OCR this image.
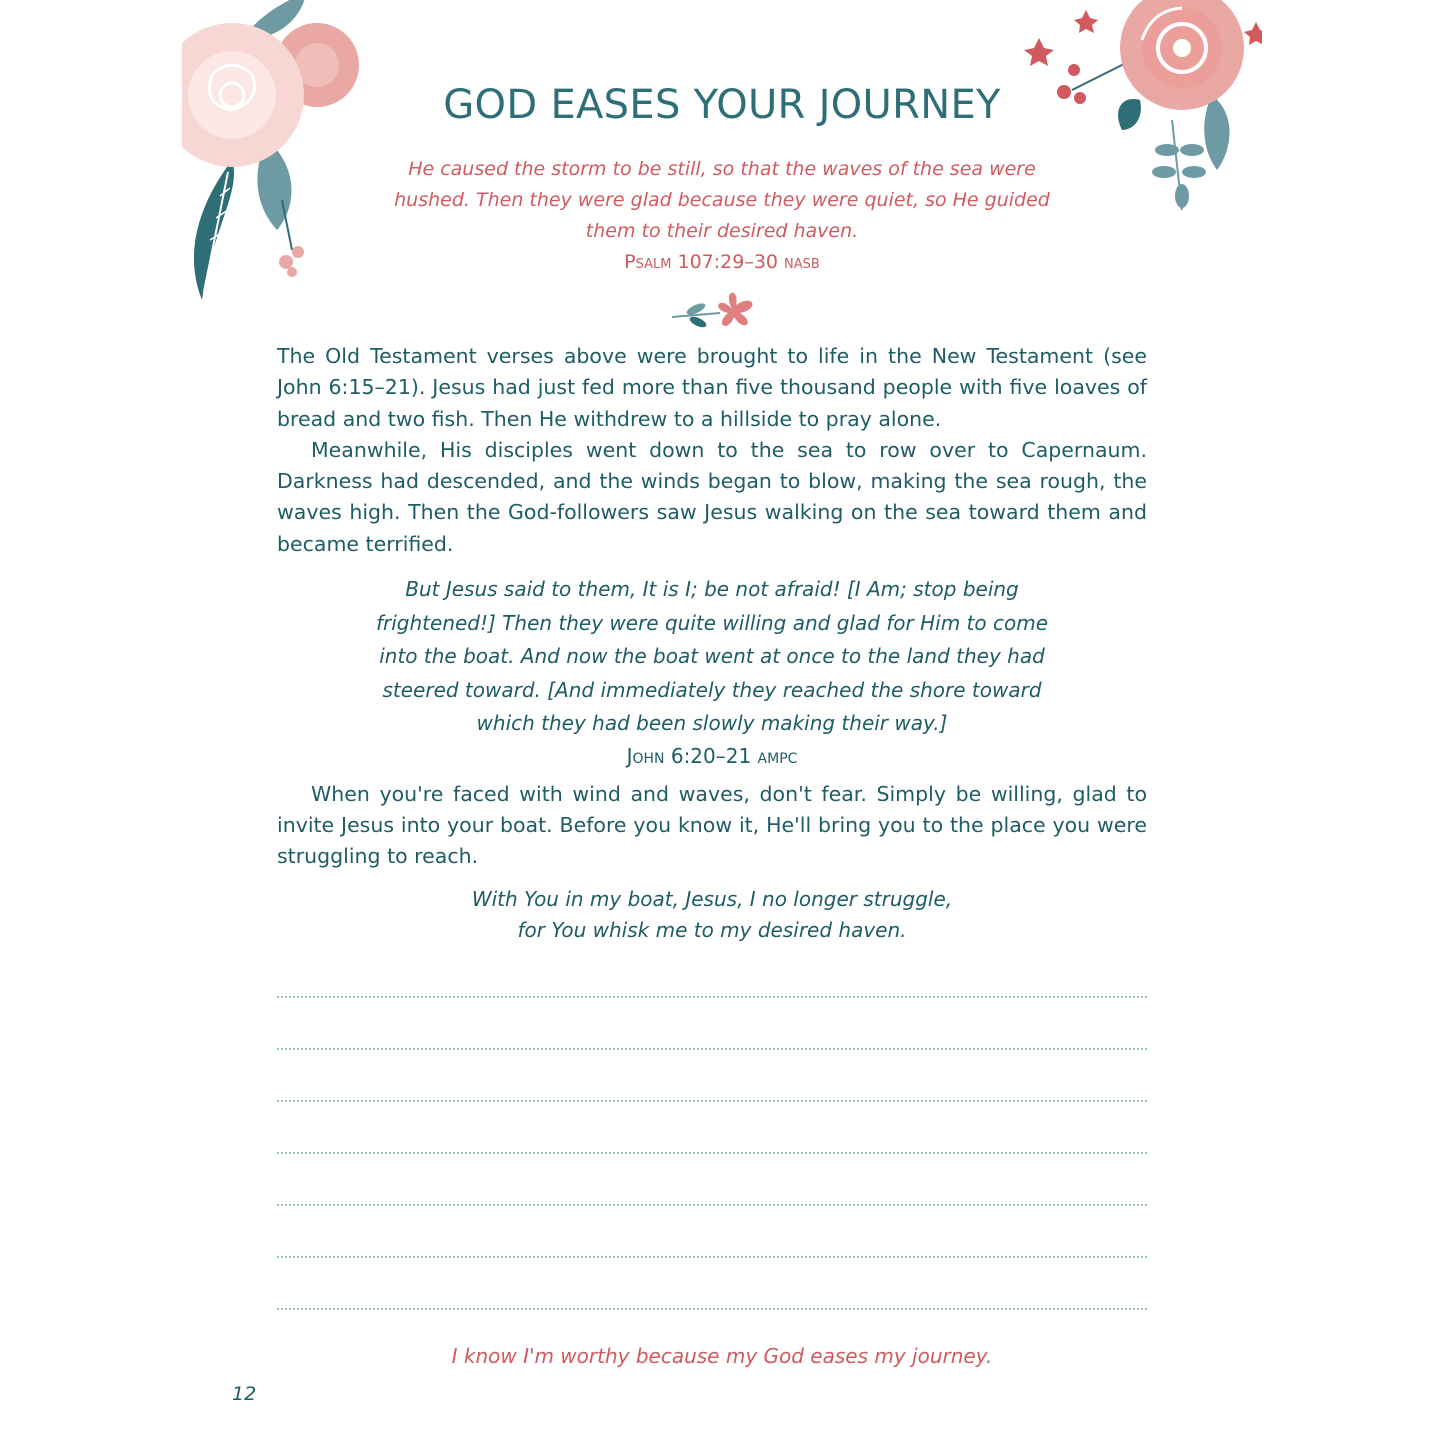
GOD EASES YOUR JOURNEY
He caused the storm to be still, so that the waves of the sea were hushed. Then they were glad because they were quiet, so He guided them to their desired haven.
Psalm 107:29–30 nasb

The Old Testament verses above were brought to life in the New Testament (see John 6:15–21). Jesus had just fed more than five thousand people with five loaves of bread and two fish. Then He withdrew to a hillside to pray alone.

Meanwhile, His disciples went down to the sea to row over to Capernaum. Darkness had descended, and the winds began to blow, making the sea rough, the waves high. Then the God-followers saw Jesus walking on the sea toward them and became terrified.

But Jesus said to them, It is I; be not afraid! [I Am; stop being frightened!] Then they were quite willing and glad for Him to come into the boat. And now the boat went at once to the land they had steered toward. [And immediately they reached the shore toward which they had been slowly making their way.]
John 6:20–21 ampc

When you're faced with wind and waves, don't fear. Simply be willing, glad to invite Jesus into your boat. Before you know it, He'll bring you to the place you were struggling to reach.

With You in my boat, Jesus, I no longer struggle,
for You whisk me to my desired haven.
I know I'm worthy because my God eases my journey.
12
